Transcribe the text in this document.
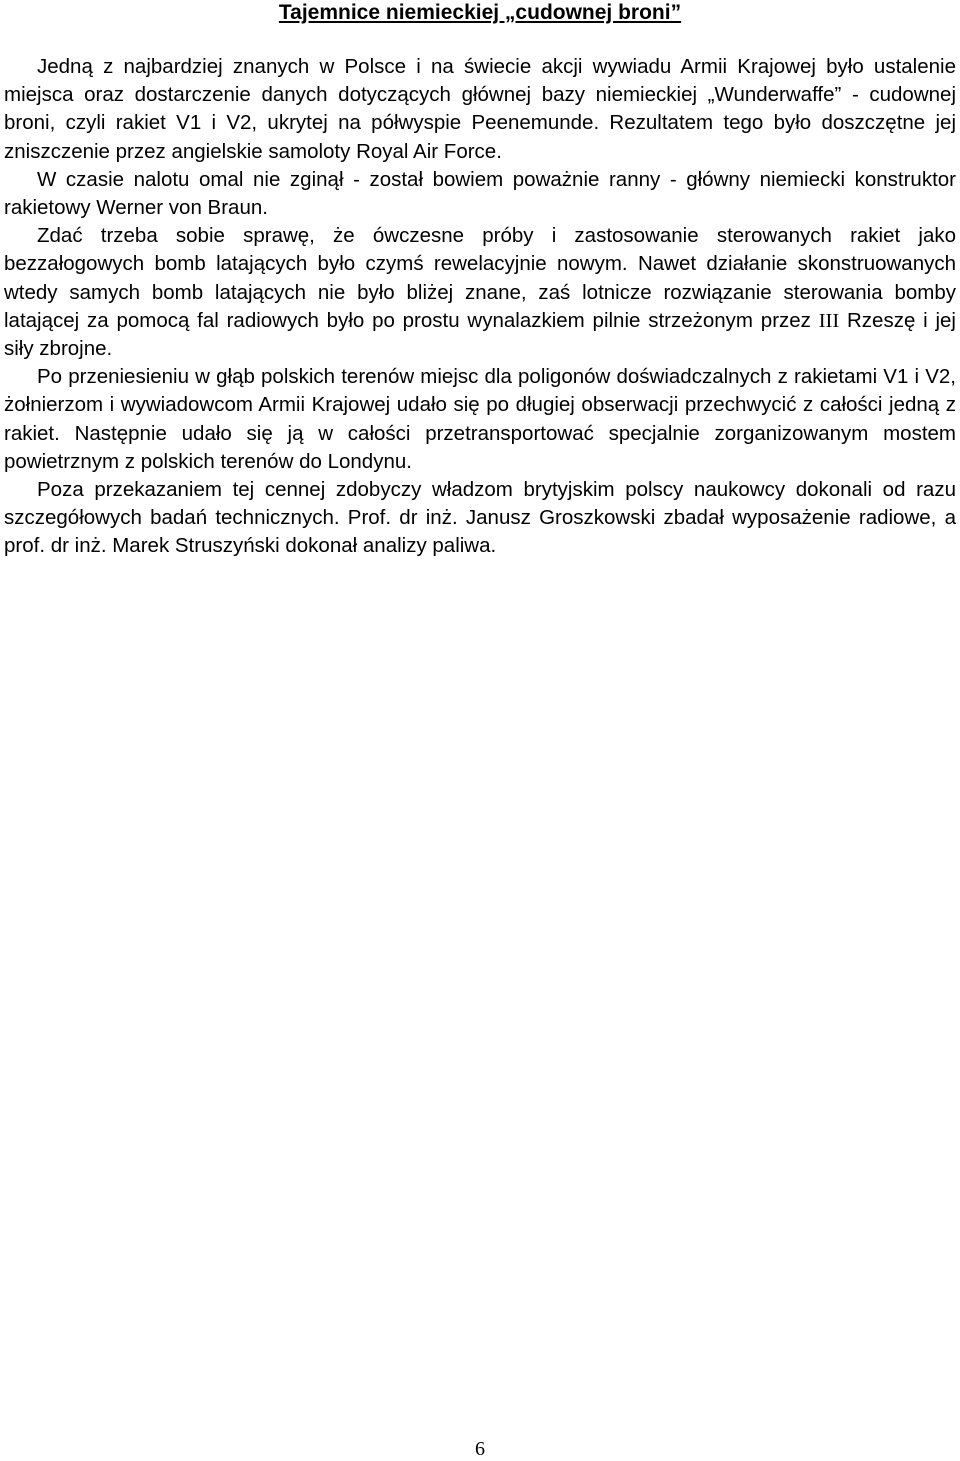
Tajemnice niemieckiej „cudownej broni”

Jedną z najbardziej znanych w Polsce i na świecie akcji wywiadu Armii Krajowej było ustalenie miejsca oraz dostarczenie danych dotyczących głównej bazy niemieckiej „Wunderwaffe” - cudownej broni, czyli rakiet V1 i V2, ukrytej na półwyspie Peenemunde. Rezultatem tego było doszczętne jej zniszczenie przez angielskie samoloty Royal Air Force.

W czasie nalotu omal nie zginął - został bowiem poważnie ranny - główny niemiecki konstruktor rakietowy Werner von Braun.

Zdać trzeba sobie sprawę, że ówczesne próby i zastosowanie sterowanych rakiet jako bezzałogowych bomb latających było czymś rewelacyjnie nowym. Nawet działanie skonstruowanych wtedy samych bomb latających nie było bliżej znane, zaś lotnicze rozwiązanie sterowania bomby latającej za pomocą fal radiowych było po prostu wynalazkiem pilnie strzeżonym przez III Rzeszę i jej siły zbrojne.

Po przeniesieniu w głąb polskich terenów miejsc dla poligonów doświadczalnych z rakietami V1 i V2, żołnierzom i wywiadowcom Armii Krajowej udało się po długiej obserwacji przechwycić z całości jedną z rakiet. Następnie udało się ją w całości przetransportować specjalnie zorganizowanym mostem powietrznym z polskich terenów do Londynu.

Poza przekazaniem tej cennej zdobyczy władzom brytyjskim polscy naukowcy dokonali od razu szczegółowych badań technicznych. Prof. dr inż. Janusz Groszkowski zbadał wyposażenie radiowe, a prof. dr inż. Marek Struszyński dokonał analizy paliwa.

6
